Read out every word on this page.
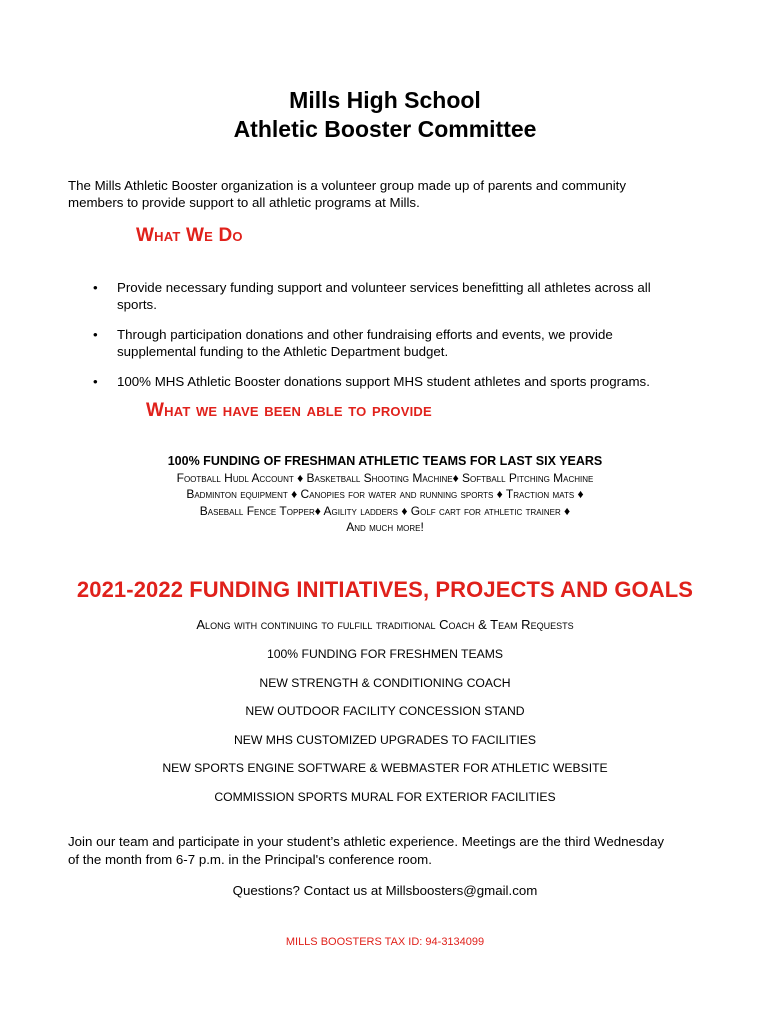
Mills High School
Athletic Booster Committee
The Mills Athletic Booster organization is a volunteer group made up of parents and community
members to provide support to all athletic programs at Mills.
What We Do
• Provide necessary funding support and volunteer services benefitting all athletes across all
sports.
• Through participation donations and other fundraising efforts and events, we provide
supplemental funding to the Athletic Department budget.
• 100% MHS Athletic Booster donations support MHS student athletes and sports programs.
What we have been able to provide
100% FUNDING OF FRESHMAN ATHLETIC TEAMS FOR LAST SIX YEARS
Football Hudl Account ♦ Basketball Shooting Machine♦ Softball Pitching Machine
Badminton equipment ♦ Canopies for water and running sports ♦ Traction mats ♦
Baseball Fence Topper♦ Agility ladders ♦ Golf cart for athletic trainer ♦
And much more!
2021-2022 FUNDING INITIATIVES, PROJECTS AND GOALS
Along with continuing to fulfill traditional Coach & Team Requests
100% FUNDING FOR FRESHMEN TEAMS
NEW STRENGTH & CONDITIONING COACH
NEW OUTDOOR FACILITY CONCESSION STAND
NEW MHS CUSTOMIZED UPGRADES TO FACILITIES
NEW SPORTS ENGINE SOFTWARE & WEBMASTER FOR ATHLETIC WEBSITE
COMMISSION SPORTS MURAL FOR EXTERIOR FACILITIES
Join our team and participate in your student’s athletic experience. Meetings are the third Wednesday
of the month from 6-7 p.m. in the Principal's conference room.
Questions? Contact us at Millsboosters@gmail.com
MILLS BOOSTERS TAX ID: 94-3134099
